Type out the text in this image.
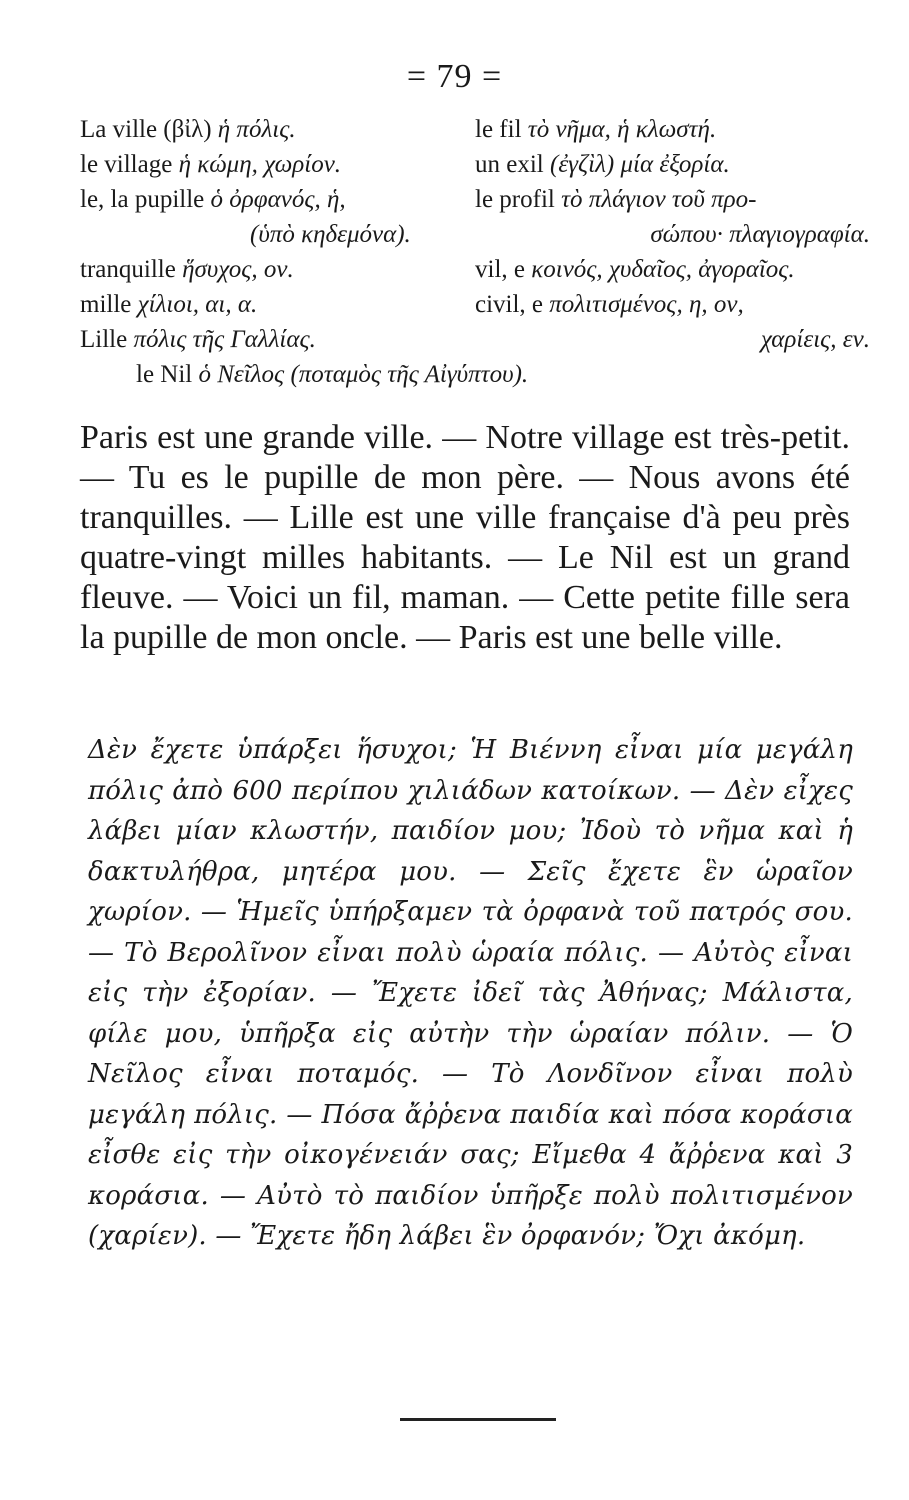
= 79 =
La ville (βἰλ) ἡ πόλις.
le village ἡ κώμη, χωρίον.
le, la pupille ὁ ὀρφανός, ἡ,
(ὑπὸ κηδεμόνα).
tranquille ἥσυχος, ον.
mille χίλιοι, αι, α.
Lille πόλις τῆς Γαλλίας.
le fil τὸ νῆμα, ἡ κλωστή.
un exil (ἐγζὶλ) μία ἐξορία.
le profil τὸ πλάγιον τοῦ προ-
σώπου· πλαγιογραφία.
vil, e κοινός, χυδαῖος, ἀγοραῖος.
civil, e πολιτισμένος, η, ον,
χαρίεις, εν.
le Nil ὁ Νεῖλος (ποταμὸς τῆς Αἰγύπτου).

Paris est une grande ville. — Notre village est très-petit. — Tu es le pupille de mon père. — Nous avons été tranquilles. — Lille est une ville française d'à peu près quatre-vingt milles habitants. — Le Nil est un grand fleuve. — Voici un fil, maman. — Cette petite fille sera la pupille de mon oncle. — Paris est une belle ville.

Δὲν ἔχετε ὑπάρξει ἥσυχοι; Ἡ Βιέννη εἶναι μία μεγάλη πόλις ἀπὸ 600 περίπου χιλιάδων κατοίκων. — Δὲν εἶχες λάβει μίαν κλωστήν, παιδίον μου; Ἰδοὺ τὸ νῆμα καὶ ἡ δακτυλήθρα, μητέρα μου. — Σεῖς ἔχετε ἓν ὡραῖον χωρίον. — Ἡμεῖς ὑπήρξαμεν τὰ ὀρφανὰ τοῦ πατρός σου. — Τὸ Βερολῖνον εἶναι πολὺ ὡραία πόλις. — Αὐτὸς εἶναι εἰς τὴν ἐξορίαν. — Ἔχετε ἰδεῖ τὰς Ἀθήνας; Μάλιστα, φίλε μου, ὑπῆρξα εἰς αὐτὴν τὴν ὡραίαν πόλιν. — Ὁ Νεῖλος εἶναι ποταμός. — Τὸ Λονδῖνον εἶναι πολὺ μεγάλη πόλις. — Πόσα ἄῤῥενα παιδία καὶ πόσα κοράσια εἶσθε εἰς τὴν οἰκογένειάν σας; Εἴμεθα 4 ἄῤῥενα καὶ 3 κοράσια. — Αὐτὸ τὸ παιδίον ὑπῆρξε πολὺ πολιτισμένον (χαρίεν). — Ἔχετε ἤδη λάβει ἓν ὀρφανόν; Ὄχι ἀκόμη.
